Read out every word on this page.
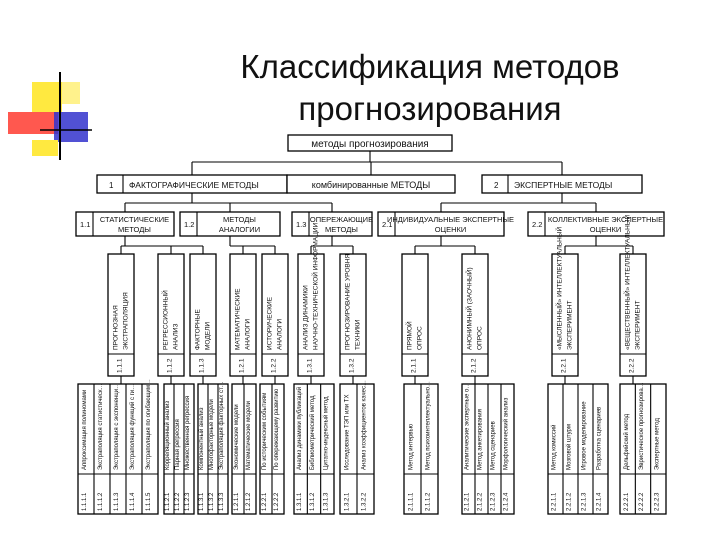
Классификация методов
прогнозирования
методы прогнозирования
1 ФАКТОГРАФИЧЕСКИЕ МЕТОДЫ	комбинированные МЕТОДЫ	2 ЭКСПЕРТНЫЕ МЕТОДЫ
1.1
СТАТИСТИЧЕСКИЕ
МЕТОДЫ
1.2
МЕТОДЫ
АНАЛОГИИ
1.3
ОПЕРЕЖАЮЩИЕ
МЕТОДЫ
2.1
ИНДИВИДУАЛЬНЫЕ ЭКСПЕРТНЫЕ
ОЦЕНКИ
2.2
КОЛЛЕКТИВНЫЕ ЭКСПЕРТНЫЕ
ОЦЕНКИ
1.1.1
ПРОГНОЗНАЯ ЭКСТРАПОЛЯЦИЯ
1.1.2
РЕГРЕССИОННЫЙ АНАЛИЗ
1.1.3
ФАКТОРНЫЕ МОДЕЛИ
1.2.1
МАТЕМАТИЧЕСКИЕ АНАЛОГИ
1.2.2
ИСТОРИЧЕСКИЕ АНАЛОГИ
1.3.1
АНАЛИЗ ДИНАМИКИ НАУЧНО-ТЕХНИЧЕСКОЙ ИНФОРМАЦИИ
1.3.2
ПРОГНОЗИРОВАНИЕ УРОВНЯ ТЕХНИКИ
2.1.1
ПРЯМОЙ ОПРОС
2.1.2
АНОНИМНЫЙ (ЗАОЧНЫЙ) ОПРОС
2.2.1
«МЫСЛЕННЫЙ» ИНТЕЛЛЕКТУАЛЬНЫЙ ЭКСПЕРИМЕНТ
2.2.2
«ВЕЩЕСТВЕННЫЙ» ИНТЕЛЛЕКТУАЛЬНЫЙ ЭКСПЕРИМЕНТ
1.1.1.1
Аппроксимация полиномами
1.1.1.2
Экстраполяция статистическ…
1.1.1.3
Экстраполяция с экспоненци…
1.1.1.4
Экстраполяция функций с ги…
1.1.1.5
Экстраполяция по огибающим…
1.1.2.1
Корреляционный анализ
1.1.2.2
Парная регрессия
1.1.2.3
Множественная регрессия
1.1.3.1
Компонентный анализ
1.1.3.2
Многофакторные модели
1.1.3.3
Экстраполяция факторных ст…
1.2.1.1
Экономические модели
1.2.1.2
Математические модели
1.2.2.1
По историческим событиям
1.2.2.2
По опережающему развитию
1.3.1.1
Анализ динамики публикаций
1.3.1.2
Библиометрический метод
1.3.1.3
Цитатно-индексный метод
1.3.2.1
Исследование ТЭП или ТХ
1.3.2.2
Анализ коэффициентов качес…
2.1.1.1
Метод интервью
2.1.1.2
Метод психоинтеллектуально…
2.1.2.1
Аналитические экспертные о…
2.1.2.2
Метод анкетирования
2.1.2.3
Метод сценариев
2.1.2.4
Морфологический анализ
2.2.1.1
Метод комиссий
2.2.1.2
Мозговой штурм
2.2.1.3
Игровое моделирование
2.2.1.4
Разработка сценариев
2.2.2.1
Дельфийский метод
2.2.2.2
Эвристическое прогнозирова…
2.2.2.3
Экспертные метод
